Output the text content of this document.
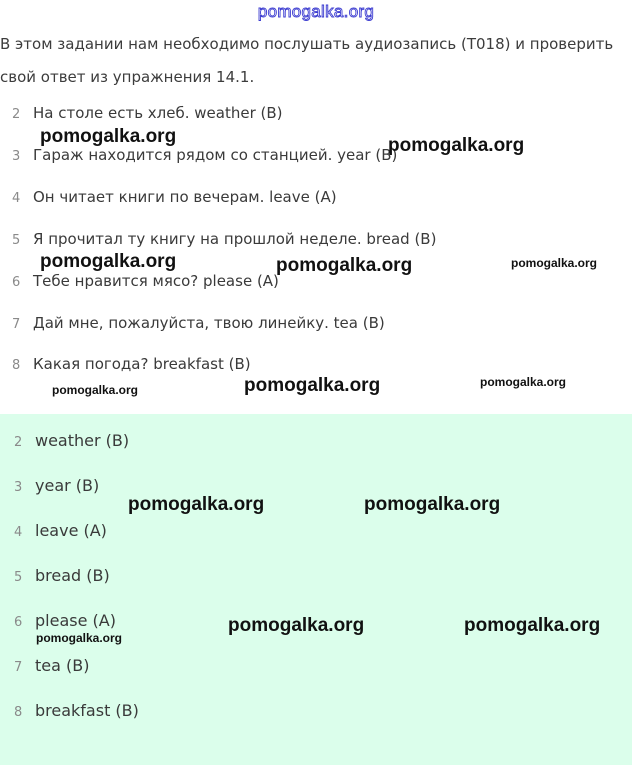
pomogalka.org

В этом задании нам необходимо послушать аудиозапись (Т018) и проверить свой ответ из упражнения 14.1.

2 На столе есть хлеб. weather (B)
3 Гараж находится рядом со станцией. year (B)
4 Он читает книги по вечерам. leave (A)
5 Я прочитал ту книгу на прошлой неделе. bread (B)
6 Тебе нравится мясо? please (A)
7 Дай мне, пожалуйста, твою линейку. tea (B)
8 Какая погода? breakfast (B)
2 weather (B)
3 year (B)
4 leave (A)
5 bread (B)
6 please (A)
7 tea (B)
8 breakfast (B)
pomogalka.org	pomogalka.org
pomogalka.org	pomogalka.org	pomogalka.org
pomogalka.org	pomogalka.org	pomogalka.org
pomogalka.org	pomogalka.org
pomogalka.org	pomogalka.org
pomogalka.org
